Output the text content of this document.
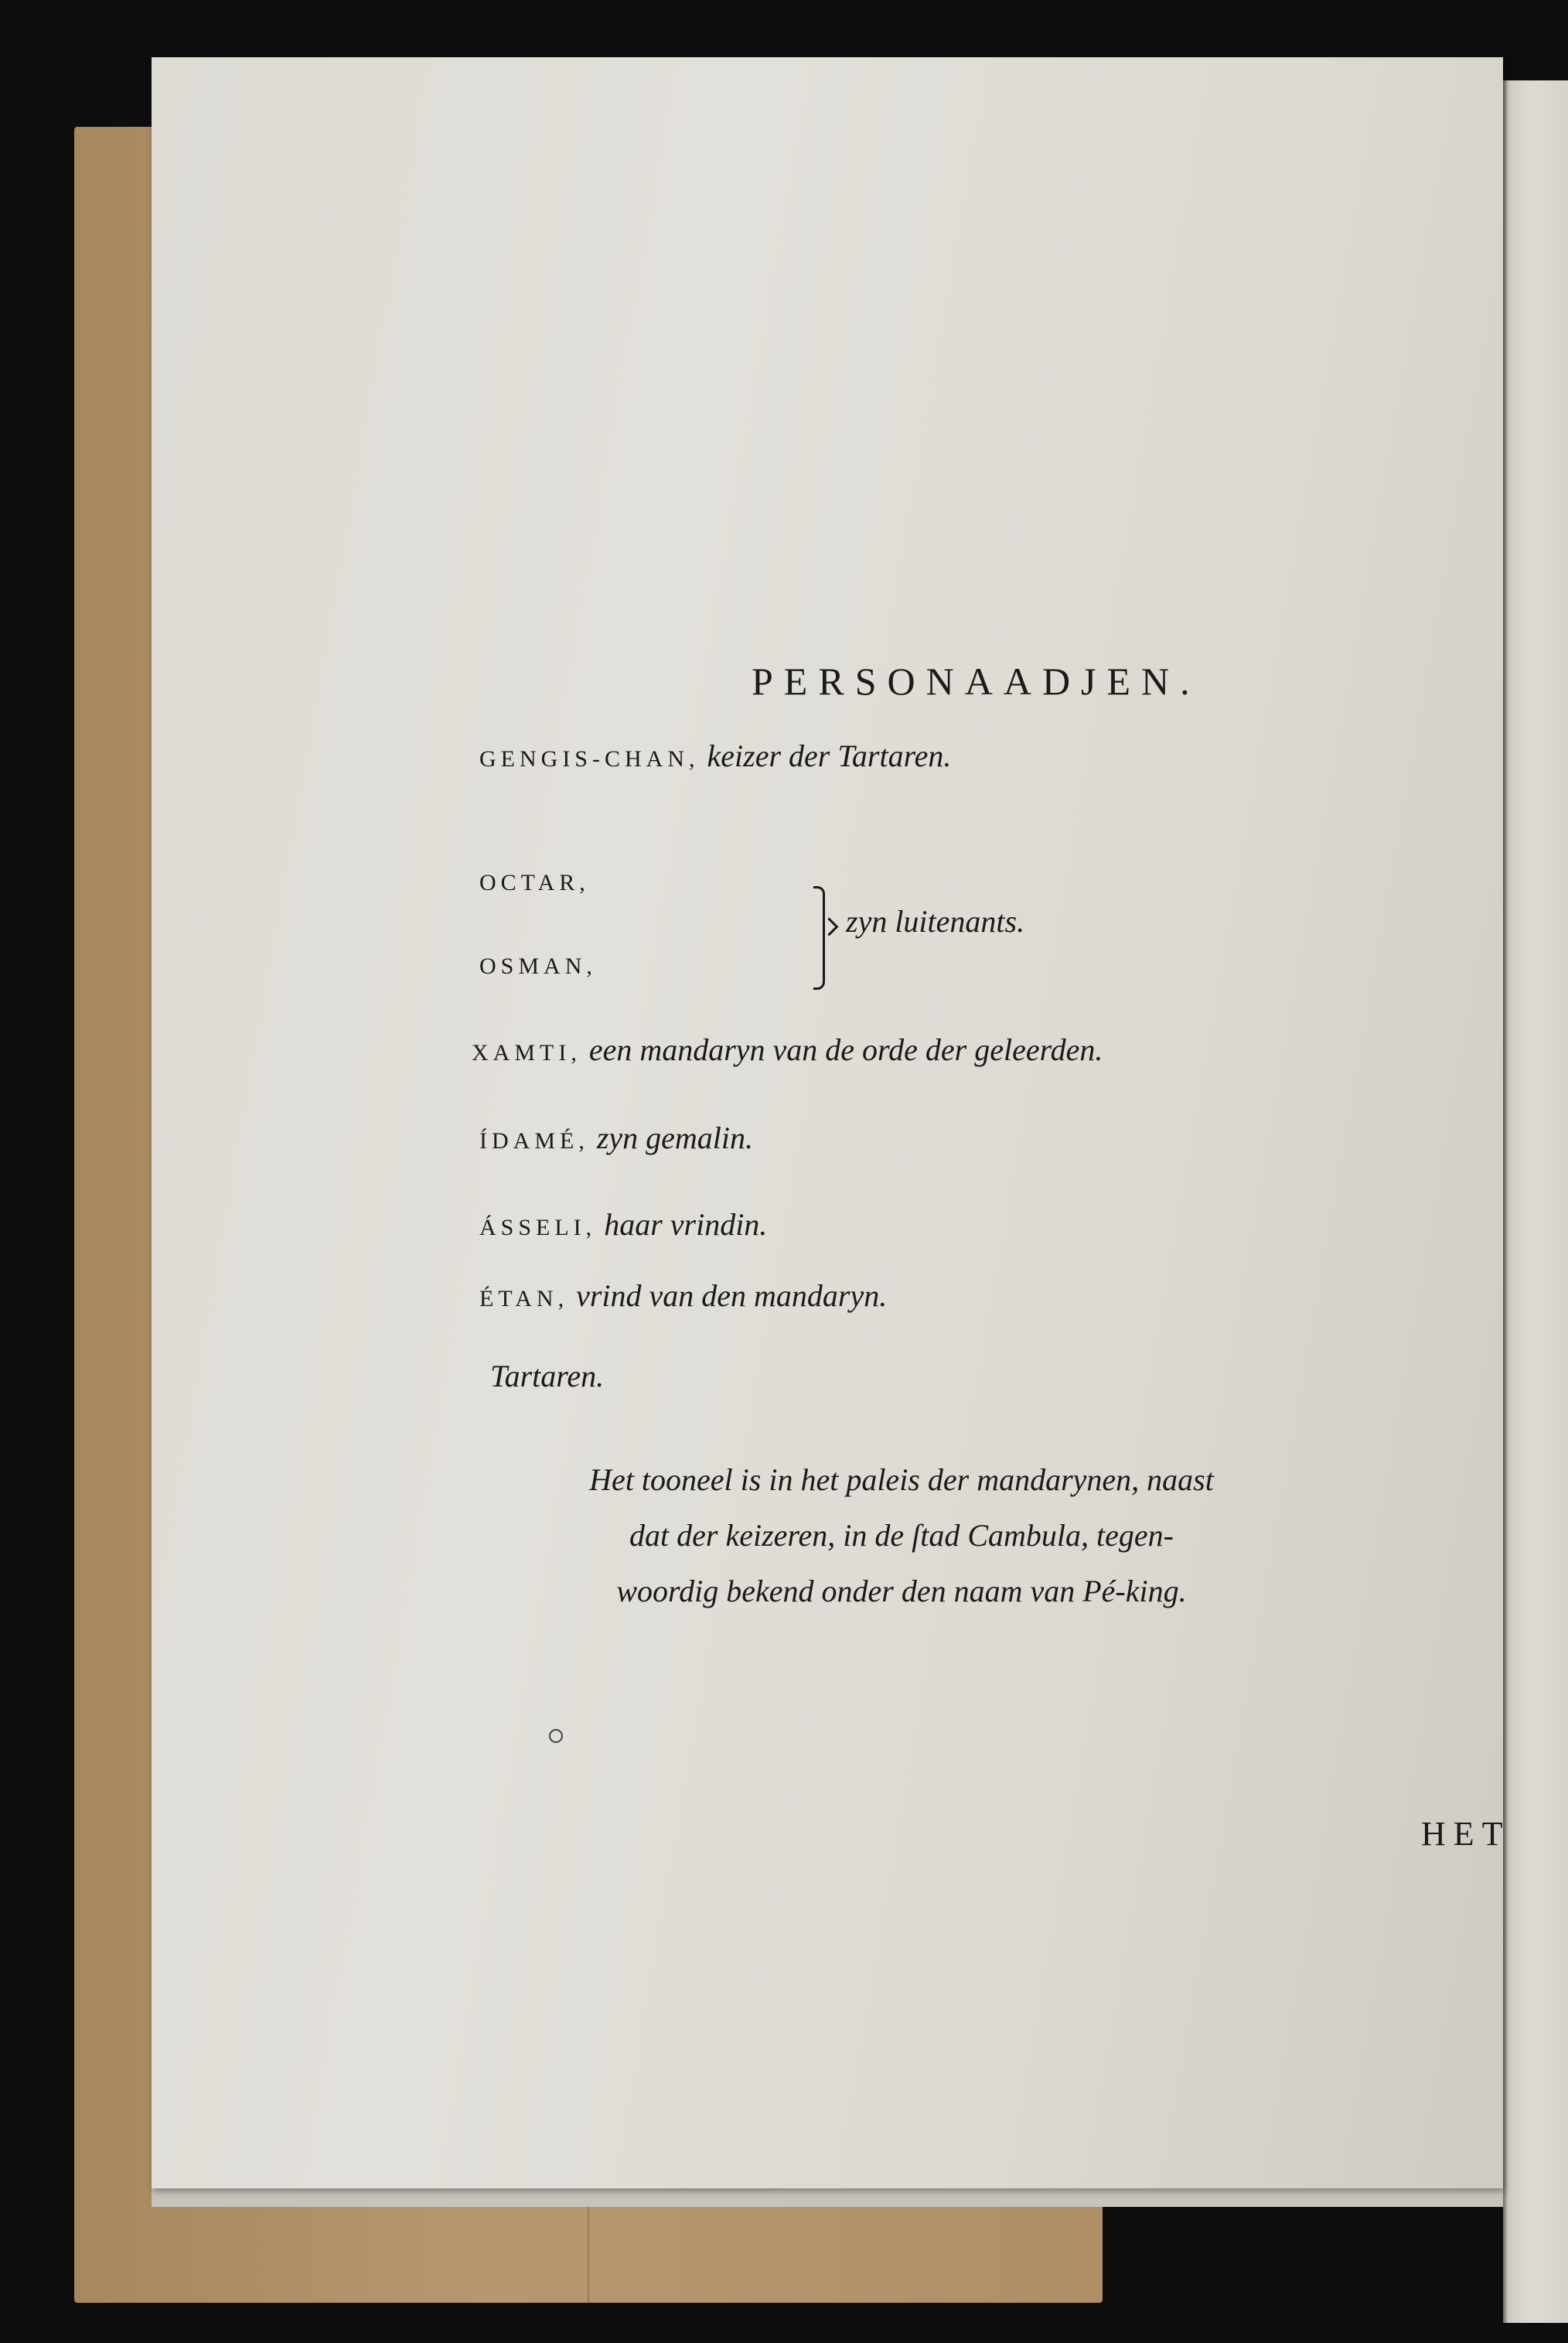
PERSONAADJEN.

GENGIS-CHAN, keizer der Tartaren.

OCTAR,

OSMAN,

zyn luitenants.

XAMTI, een mandaryn van de orde der geleerden.

ÍDAMÉ, zyn gemalin.

ÁSSELI, haar vrindin.

ÉTAN, vrind van den mandaryn.

Tartaren.

Het tooneel is in het paleis der mandarynen, naast
dat der keizeren, in de ſtad Cambula, tegen-
woordig bekend onder den naam van Pé-king.

HET
